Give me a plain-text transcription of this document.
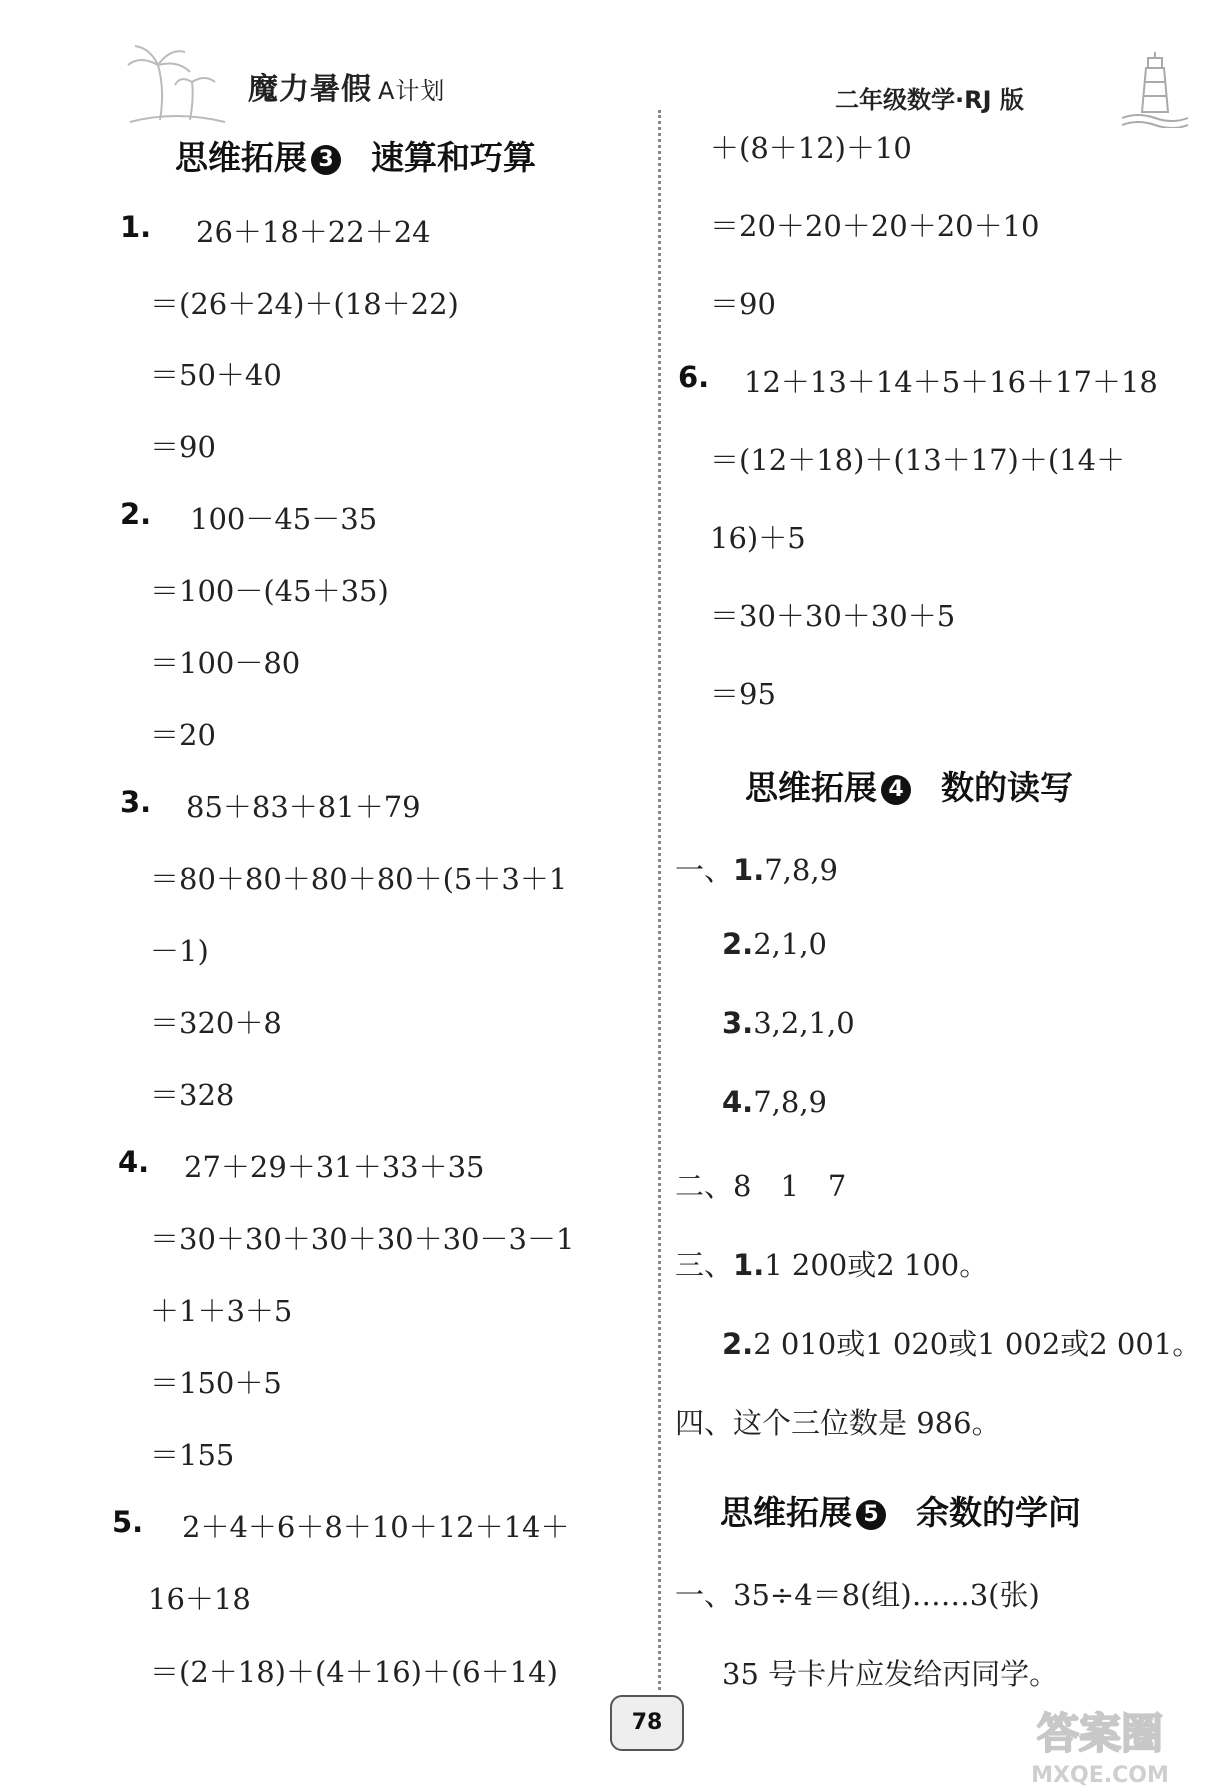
魔力暑假 A计划	二年级数学·RJ 版
思维拓展 3 速算和巧算
1. 26＋18＋22＋24
＝(26＋24)＋(18＋22)
＝50＋40
＝90
2. 100－45－35
＝100－(45＋35)
＝100－80
＝20
3. 85＋83＋81＋79
＝80＋80＋80＋80＋(5＋3＋1
－1)
＝320＋8
＝328
4. 27＋29＋31＋33＋35
＝30＋30＋30＋30＋30－3－1
＋1＋3＋5
＝150＋5
＝155
5. 2＋4＋6＋8＋10＋12＋14＋
16＋18
＝(2＋18)＋(4＋16)＋(6＋14)
＋(8＋12)＋10
＝20＋20＋20＋20＋10
＝90
6. 12＋13＋14＋5＋16＋17＋18
＝(12＋18)＋(13＋17)＋(14＋
16)＋5
＝30＋30＋30＋5
＝95
思维拓展 4 数的读写
一、1.7,8,9
2.2,1,0
3.3,2,1,0
4.7,8,9
二、8　1　7
三、1.1 200或2 100。
2.2 010或1 020或1 002或2 001。
四、这个三位数是 986。
思维拓展 5 余数的学问
一、35÷4＝8(组)……3(张)
35 号卡片应发给丙同学。
78	答案圈
MXQE.COM
